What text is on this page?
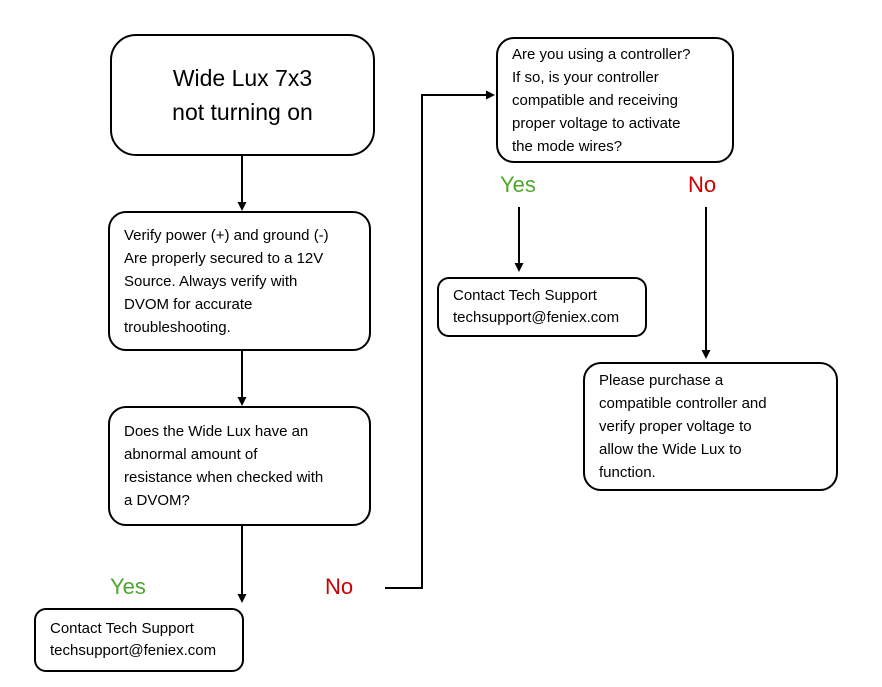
Wide Lux 7x3
not turning on
Verify power (+) and ground (-)
Are properly secured to a 12V
Source. Always verify with
DVOM for accurate
troubleshooting.
Does the Wide Lux have an
abnormal amount of
resistance when checked with
a DVOM?
Are you using a controller?
If so, is your controller
compatible and receiving
proper voltage to activate
the mode wires?
Contact Tech Support
techsupport@feniex.com
Contact Tech Support
techsupport@feniex.com
Please purchase a
compatible controller and
verify proper voltage to
allow the Wide Lux to
function.
Yes	No
Yes	No
